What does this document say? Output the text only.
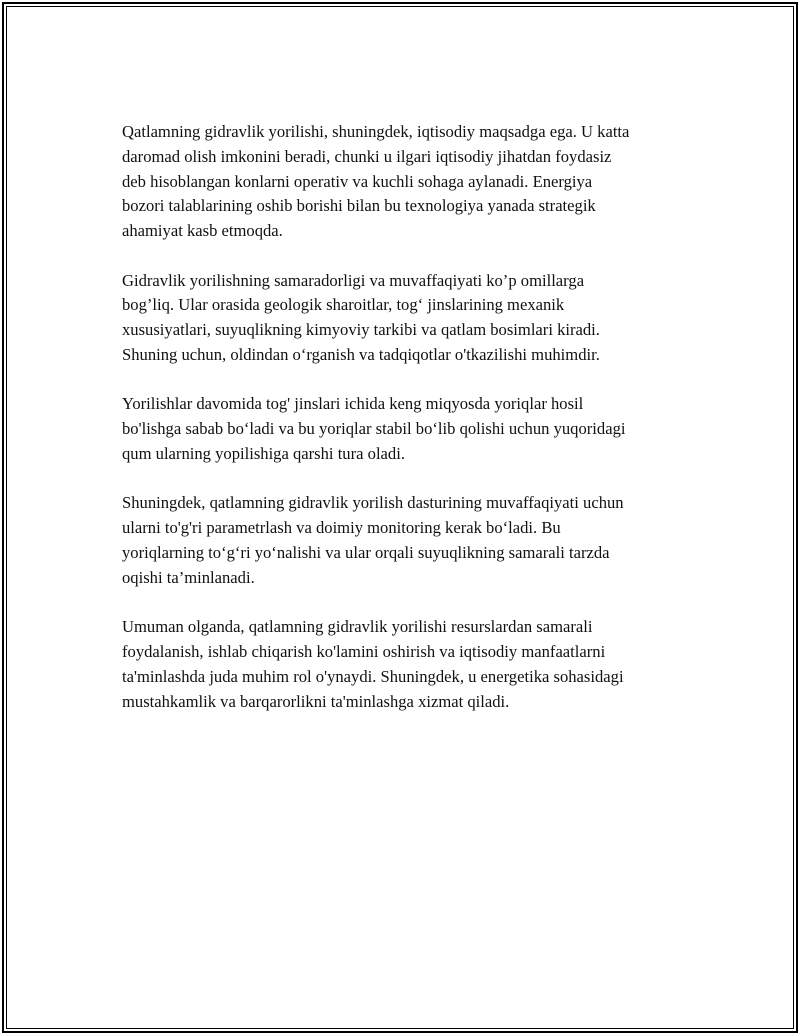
Qatlamning gidravlik yorilishi, shuningdek, iqtisodiy maqsadga ega. U katta
daromad olish imkonini beradi, chunki u ilgari iqtisodiy jihatdan foydasiz
deb hisoblangan konlarni operativ va kuchli sohaga aylanadi. Energiya
bozori talablarining oshib borishi bilan bu texnologiya yanada strategik
ahamiyat kasb etmoqda.

Gidravlik yorilishning samaradorligi va muvaffaqiyati ko’p omillarga
bog’liq. Ular orasida geologik sharoitlar, tog‘ jinslarining mexanik
xususiyatlari, suyuqlikning kimyoviy tarkibi va qatlam bosimlari kiradi.
Shuning uchun, oldindan o‘rganish va tadqiqotlar o'tkazilishi muhimdir.

Yorilishlar davomida tog' jinslari ichida keng miqyosda yoriqlar hosil
bo'lishga sabab bo‘ladi va bu yoriqlar stabil bo‘lib qolishi uchun yuqoridagi
qum ularning yopilishiga qarshi tura oladi.

Shuningdek, qatlamning gidravlik yorilish dasturining muvaffaqiyati uchun
ularni to'g'ri parametrlash va doimiy monitoring kerak bo‘ladi. Bu
yoriqlarning to‘g‘ri yo‘nalishi va ular orqali suyuqlikning samarali tarzda
oqishi ta’minlanadi.

Umuman olganda, qatlamning gidravlik yorilishi resurslardan samarali
foydalanish, ishlab chiqarish ko'lamini oshirish va iqtisodiy manfaatlarni
ta'minlashda juda muhim rol o'ynaydi. Shuningdek, u energetika sohasidagi
mustahkamlik va barqarorlikni ta'minlashga xizmat qiladi.
